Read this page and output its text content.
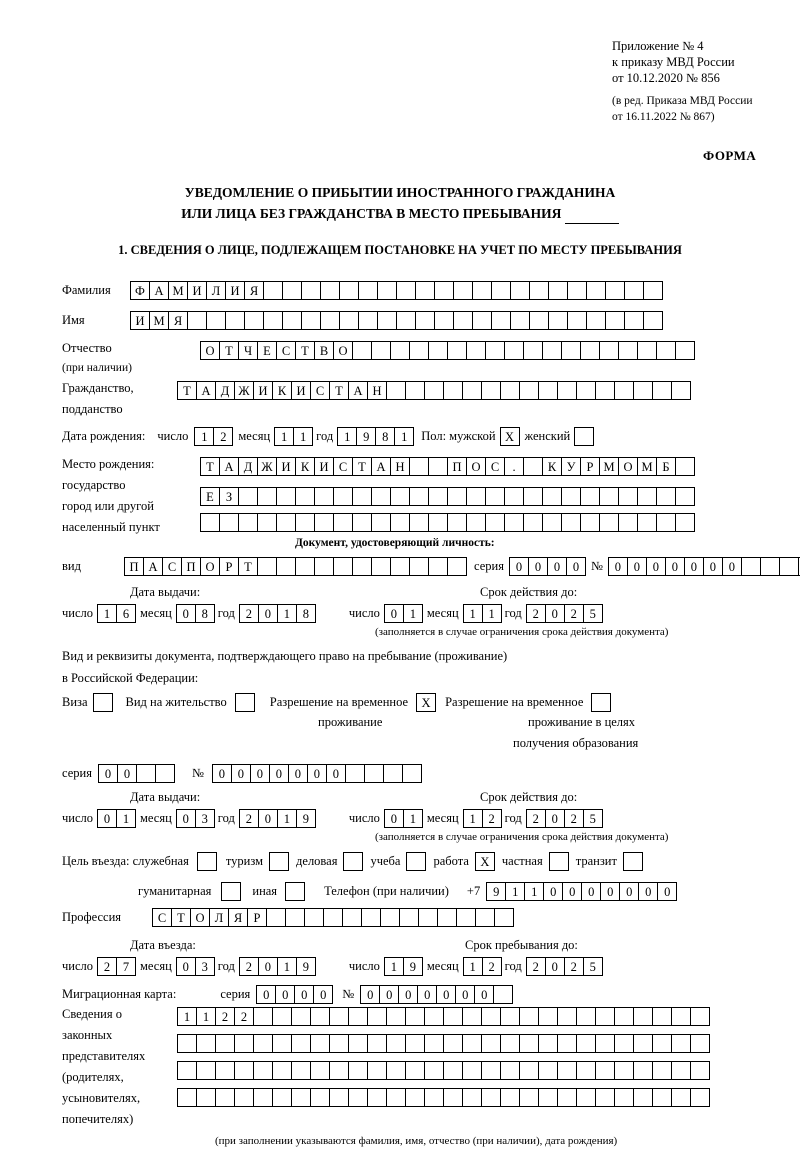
Приложение № 4
к приказу МВД России
от 10.12.2020 № 856
(в ред. Приказа МВД России
от 16.11.2022 № 867)
ФОРМА
УВЕДОМЛЕНИЕ О ПРИБЫТИИ ИНОСТРАННОГО ГРАЖДАНИНА
ИЛИ ЛИЦА БЕЗ ГРАЖДАНСТВА В МЕСТО ПРЕБЫВАНИЯ
1. СВЕДЕНИЯ О ЛИЦЕ, ПОДЛЕЖАЩЕМ ПОСТАНОВКЕ НА УЧЕТ ПО МЕСТУ ПРЕБЫВАНИЯ
Фамилия	Ф А М И Л И Я
Имя	И М Я
Отчество
(при наличии)
О Т Ч Е С Т В О
Гражданство,
подданство
Т А Д Ж И К И С Т А Н
Дата рождения: число	1	2 месяц 1	1 год 1	9	8	1	Пол: мужской Х женский
Место рождения:
государство
город или другой
населенный пункт
Т А Д Ж И К И С Т А Н	П О С	.	К У Р М О М Б
Е З
Документ, удостоверяющий личность:
вид	П А С П О Р Т	серия 0	0	0	0 № 0	0	0	0	0	0	0
Дата выдачи:	Срок действия до:
число 1	6 месяц 0	8 год 2	0	1	8	число 0	1 месяц 1	1 год 2	0	2	5
(заполняется в случае ограничения срока действия документа)
Вид и реквизиты документа, подтверждающего право на пребывание (проживание)
в Российской Федерации:
Виза	Вид на жительство	Разрешение на временное	Х	Разрешение на временное
проживание	проживание в целях
получения образования
серия	0	0	№	0	0	0	0	0	0	0
Дата выдачи:	Срок действия до:
число 0	1 месяц 0	3 год 2	0	1	9	число 0	1 месяц 1	2 год 2	0	2	5
(заполняется в случае ограничения срока действия документа)
Цель въезда: служебная	туризм	деловая	учеба	работа Х частная	транзит
гуманитарная	иная	Телефон (при наличии) +7	9	1	1	0	0	0	0	0	0	0
Профессия	С Т О Л Я Р
Дата въезда:	Срок пребывания до:
число 2	7 месяц 0	3 год 2	0	1	9	число 1	9 месяц 1	2 год 2	0	2	5
Миграционная карта:	серия	0	0	0	0	№	0	0	0	0	0	0	0
Сведения о
законных
представителях
(родителях,
усыновителях,
попечителях)
1	1	2	2
(при заполнении указываются фамилия, имя, отчество (при наличии), дата рождения)
